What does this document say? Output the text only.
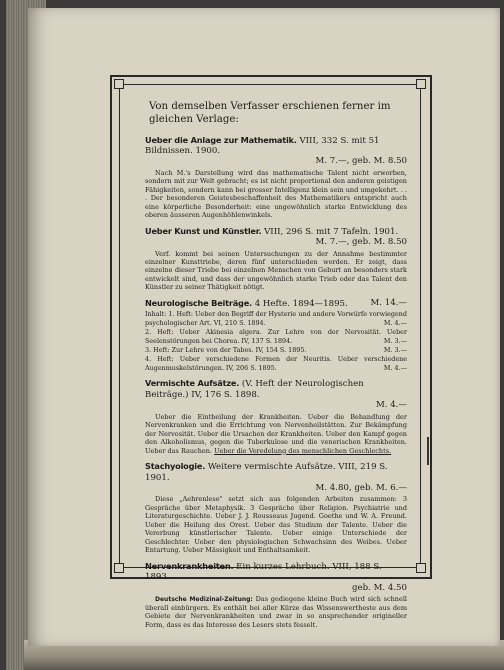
Von demselben Verfasser erschienen ferner im gleichen Verlage:

Ueber die Anlage zur Mathematik. VIII, 332 S. mit 51 Bildnissen. 1900.
M. 7.—, geb. M. 8.50

Nach M.'s Darstellung wird das mathematische Talent nicht erworben, sondern mit zur Welt gebracht; es ist nicht proportional den anderen geistigen Fähigkeiten, sondern kann bei grosser Intelligenz klein sein und umgekehrt. . . . Der besonderen Geistesbeschaffenheit des Mathematikers entspricht auch eine körperliche Besonderheit: eine ungewöhnlich starke Entwicklung des oberen äusseren Augenhöhlenwinkels.

Ueber Kunst und Künstler. VIII, 296 S. mit 7 Tafeln. 1901.
M. 7.—, geb. M. 8.50

Verf. kommt bei seinen Untersuchungen zu der Annahme bestimmter einzelner Kunsttriebe, deren fünf unterschieden werden. Er zeigt, dass einzelne dieser Triebe bei einzelnen Menschen von Geburt an besonders stark entwickelt sind, und dass der ungewöhnlich starke Trieb oder das Talent den Künstler zu seiner Thätigkeit nötigt.

Neurologische Beiträge. 4 Hefte. 1894—1895.	M. 14.—

Inhalt: 1. Heft: Ueber den Begriff der Hysterie und andere Vorwürfe vorwiegend psychologischer Art. VI, 210 S. 1894.	M. 4.—

2. Heft: Ueber Akinesia algera. Zur Lehre von der Nervosität. Ueber Seelenstörungen bei Chorea. IV, 137 S. 1894.	M. 3.—

3. Heft: Zur Lehre von der Tabes. IV, 154 S. 1895.	M. 3.—

4. Heft: Ueber verschiedene Formen der Neuritis. Ueber verschiedene Augenmuskelstörungen. IV, 206 S. 1895.	M. 4.—

Vermischte Aufsätze. (V. Heft der Neurologischen Beiträge.) IV, 176 S. 1898.
M. 4.—

Ueber die Eintheilung der Krankheiten. Ueber die Behandlung der Nervenkranken und die Errichtung von Nervenheilstätten. Zur Bekämpfung der Nervosität. Ueber die Ursachen der Krankheiten. Ueber den Kampf gegen den Alkoholismus, gegen die Tuberkulose und die venerischen Krankheiten. Ueber das Rauchen. Ueber die Veredelung des menschlichen Geschlechts.

Stachyologie. Weitere vermischte Aufsätze. VIII, 219 S. 1901.
M. 4.80, geb. M. 6.—

Diese „Aehrenlese" setzt sich aus folgenden Arbeiten zusammen: 3 Gespräche über Metaphysik. 3 Gespräche über Religion. Psychiatrie und Literaturgeschichte. Ueber J. J. Rousseaus Jugend. Goethe und W. A. Freund. Ueber die Heilung des Orest. Ueber das Studium der Talente. Ueber die Vererbung künstlerischer Talente. Ueber einige Unterschiede der Geschlechter. Ueber den physiologischen Schwachsinn des Weibes. Ueber Entartung. Ueber Mässigkeit und Enthaltsamkeit.

Nervenkrankheiten. Ein kurzes Lehrbuch. VIII, 188 S. 1893.
geb. M. 4.50

Deutsche Medizinal-Zeitung: Das gediegene kleine Buch wird sich schnell überall einbürgern. Es enthält bei aller Kürze das Wissenswertheste aus dem Gebiete der Nervenkrankheiten und zwar in so ansprechender origineller Form, dass es das Interesse des Lesers stets fesselt.
